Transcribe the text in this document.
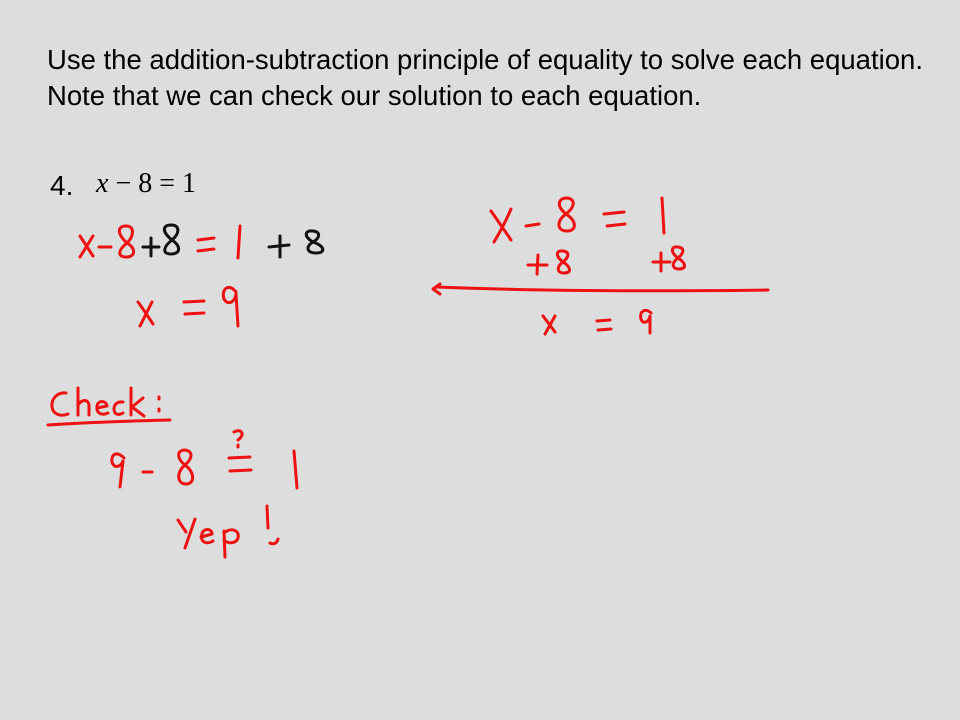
Use the addition-subtraction principle of equality to solve each equation. Note that we can check our solution to each equation.

4. x − 8 = 1
